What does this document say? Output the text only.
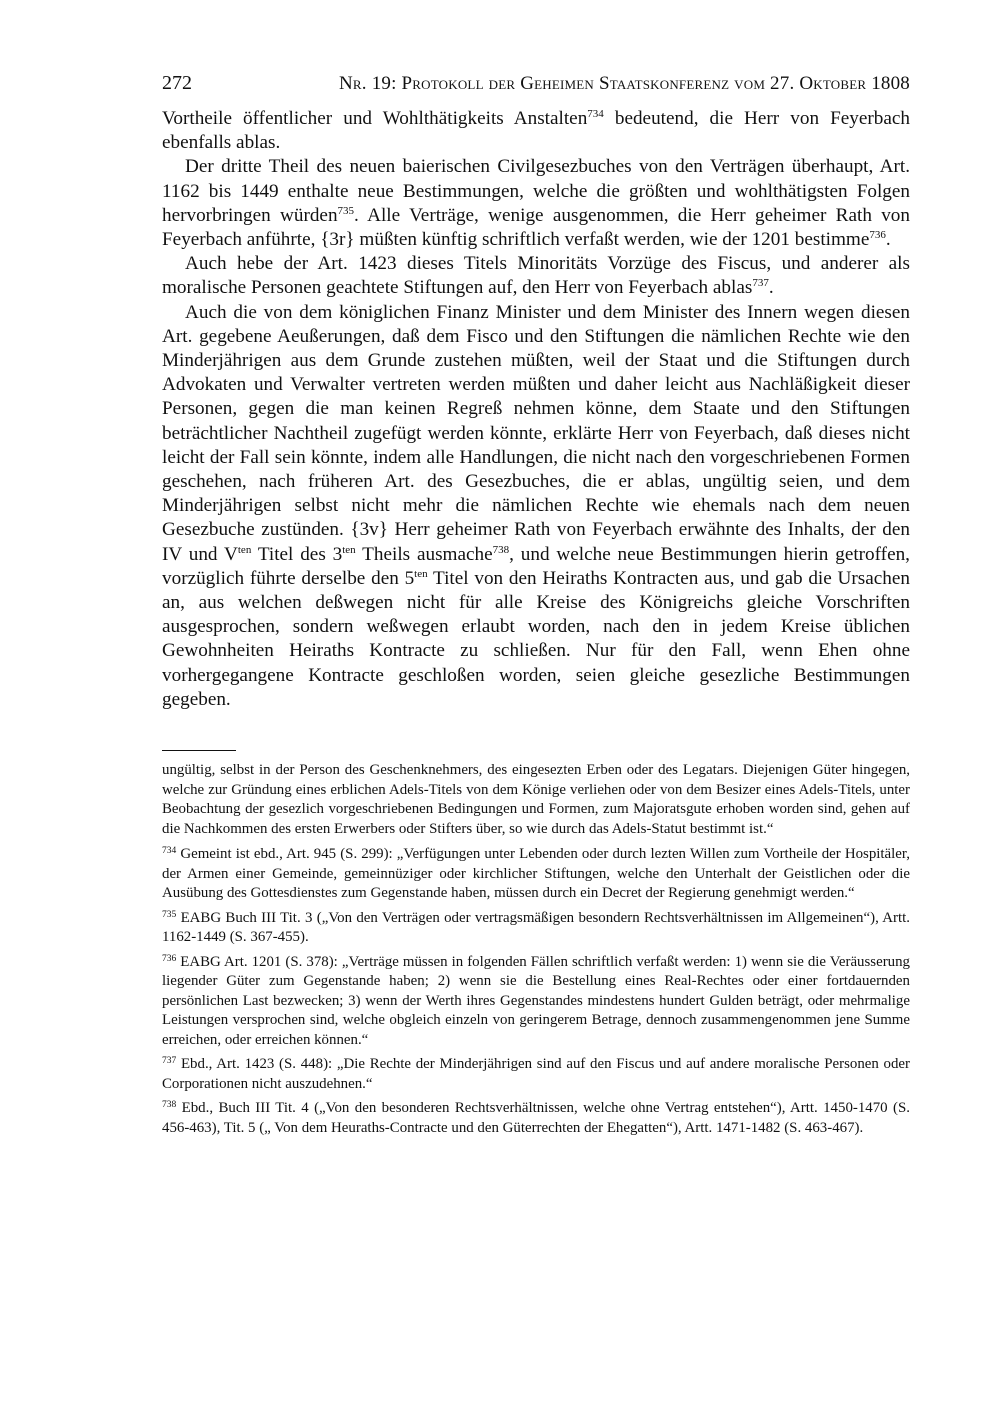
272	Nr. 19: Protokoll der Geheimen Staatskonferenz vom 27. Oktober 1808

Vortheile öffentlicher und Wohlthätigkeits Anstalten$^{734}$ bedeutend, die Herr von Feyerbach ebenfalls ablas.

Der dritte Theil des neuen baierischen Civilgesezbuches von den Verträgen überhaupt, Art. 1162 bis 1449 enthalte neue Bestimmungen, welche die größten und wohlthätigsten Folgen hervorbringen würden$^{735}$. Alle Verträge, wenige ausgenommen, die Herr geheimer Rath von Feyerbach anführte, {3r} müßten künftig schriftlich verfaßt werden, wie der 1201 bestimme$^{736}$.

Auch hebe der Art. 1423 dieses Titels Minoritäts Vorzüge des Fiscus, und anderer als moralische Personen geachtete Stiftungen auf, den Herr von Feyerbach ablas$^{737}$.

Auch die von dem königlichen Finanz Minister und dem Minister des Innern wegen diesen Art. gegebene Aeußerungen, daß dem Fisco und den Stiftungen die nämlichen Rechte wie den Minderjährigen aus dem Grunde zustehen müßten, weil der Staat und die Stiftungen durch Advokaten und Verwalter vertreten werden müßten und daher leicht aus Nachläßigkeit dieser Personen, gegen die man keinen Regreß nehmen könne, dem Staate und den Stiftungen beträchtlicher Nachtheil zugefügt werden könnte, erklärte Herr von Feyerbach, daß dieses nicht leicht der Fall sein könnte, indem alle Handlungen, die nicht nach den vorgeschriebenen Formen geschehen, nach früheren Art. des Gesezbuches, die er ablas, ungültig seien, und dem Minderjährigen selbst nicht mehr die nämlichen Rechte wie ehemals nach dem neuen Gesezbuche zustünden. {3v} Herr geheimer Rath von Feyerbach erwähnte des Inhalts, der den IV und $V^{ten}$ Titel des $3^{ten}$ Theils ausmache$^{738}$, und welche neue Bestimmungen hierin getroffen, vorzüglich führte derselbe den $5^{ten}$ Titel von den Heiraths Kontracten aus, und gab die Ursachen an, aus welchen deßwegen nicht für alle Kreise des Königreichs gleiche Vorschriften ausgesprochen, sondern weßwegen erlaubt worden, nach den in jedem Kreise üblichen Gewohnheiten Heiraths Kontracte zu schließen. Nur für den Fall, wenn Ehen ohne vorhergegangene Kontracte geschloßen worden, seien gleiche gesezliche Bestimmungen gegeben.

ungültig, selbst in der Person des Geschenknehmers, des eingesezten Erben oder des Legatars. Diejenigen Güter hingegen, welche zur Gründung eines erblichen Adels-Titels von dem Könige verliehen oder von dem Besizer eines Adels-Titels, unter Beobachtung der gesezlich vorgeschriebenen Bedingungen und Formen, zum Majoratsgute erhoben worden sind, gehen auf die Nachkommen des ersten Erwerbers oder Stifters über, so wie durch das Adels-Statut bestimmt ist.“

$^{734}$ Gemeint ist ebd., Art. 945 (S. 299): „Verfügungen unter Lebenden oder durch lezten Willen zum Vortheile der Hospitäler, der Armen einer Gemeinde, gemeinnüziger oder kirchlicher Stiftungen, welche den Unterhalt der Geistlichen oder die Ausübung des Gottesdienstes zum Gegenstande haben, müssen durch ein Decret der Regierung genehmigt werden.“

$^{735}$ EABG Buch III Tit. 3 („Von den Verträgen oder vertragsmäßigen besondern Rechtsverhältnissen im Allgemeinen“), Artt. 1162-1449 (S. 367-455).

$^{736}$ EABG Art. 1201 (S. 378): „Verträge müssen in folgenden Fällen schriftlich verfaßt werden: 1) wenn sie die Veräusserung liegender Güter zum Gegenstande haben; 2) wenn sie die Bestellung eines Real-Rechtes oder einer fortdauernden persönlichen Last bezwecken; 3) wenn der Werth ihres Gegenstandes mindestens hundert Gulden beträgt, oder mehrmalige Leistungen versprochen sind, welche obgleich einzeln von geringerem Betrage, dennoch zusammengenommen jene Summe erreichen, oder erreichen können.“

$^{737}$ Ebd., Art. 1423 (S. 448): „Die Rechte der Minderjährigen sind auf den Fiscus und auf andere moralische Personen oder Corporationen nicht auszudehnen.“

$^{738}$ Ebd., Buch III Tit. 4 („Von den besonderen Rechtsverhältnissen, welche ohne Vertrag entstehen“), Artt. 1450-1470 (S. 456-463), Tit. 5 („ Von dem Heuraths-Contracte und den Güterrechten der Ehegatten“), Artt. 1471-1482 (S. 463-467).
